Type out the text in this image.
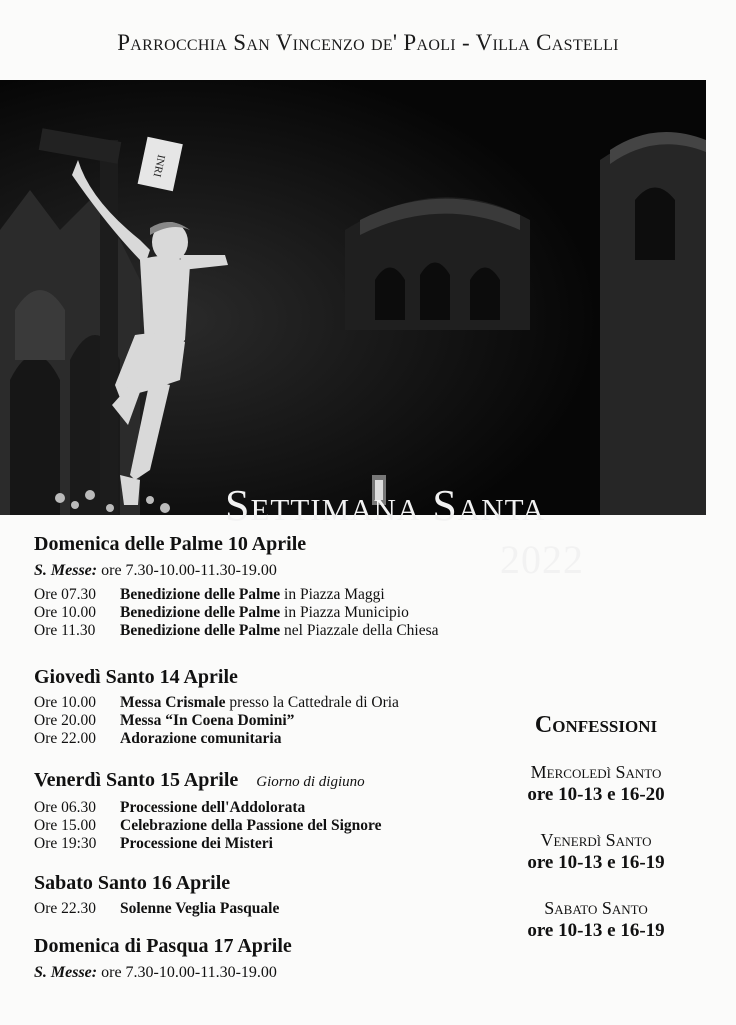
Parrocchia San Vincenzo de' Paoli - Villa Castelli
INRI
Settimana Santa
2022
Domenica delle Palme 10 Aprile
S. Messe: ore 7.30-10.00-11.30-19.00
Ore 07.30 Benedizione delle Palme in Piazza Maggi
Ore 10.00 Benedizione delle Palme in Piazza Municipio
Ore 11.30 Benedizione delle Palme nel Piazzale della Chiesa
Giovedì Santo 14 Aprile
Ore 10.00 Messa Crismale presso la Cattedrale di Oria
Ore 20.00 Messa “In Coena Domini”
Ore 22.00 Adorazione comunitaria
Venerdì Santo 15 Aprile Giorno di digiuno
Ore 06.30 Processione dell'Addolorata
Ore 15.00 Celebrazione della Passione del Signore
Ore 19:30 Processione dei Misteri
Sabato Santo 16 Aprile
Ore 22.30 Solenne Veglia Pasquale
Domenica di Pasqua 17 Aprile
S. Messe: ore 7.30-10.00-11.30-19.00
Confessioni
Mercoledì Santo
ore 10-13 e 16-20
Venerdì Santo
ore 10-13 e 16-19
Sabato Santo
ore 10-13 e 16-19
